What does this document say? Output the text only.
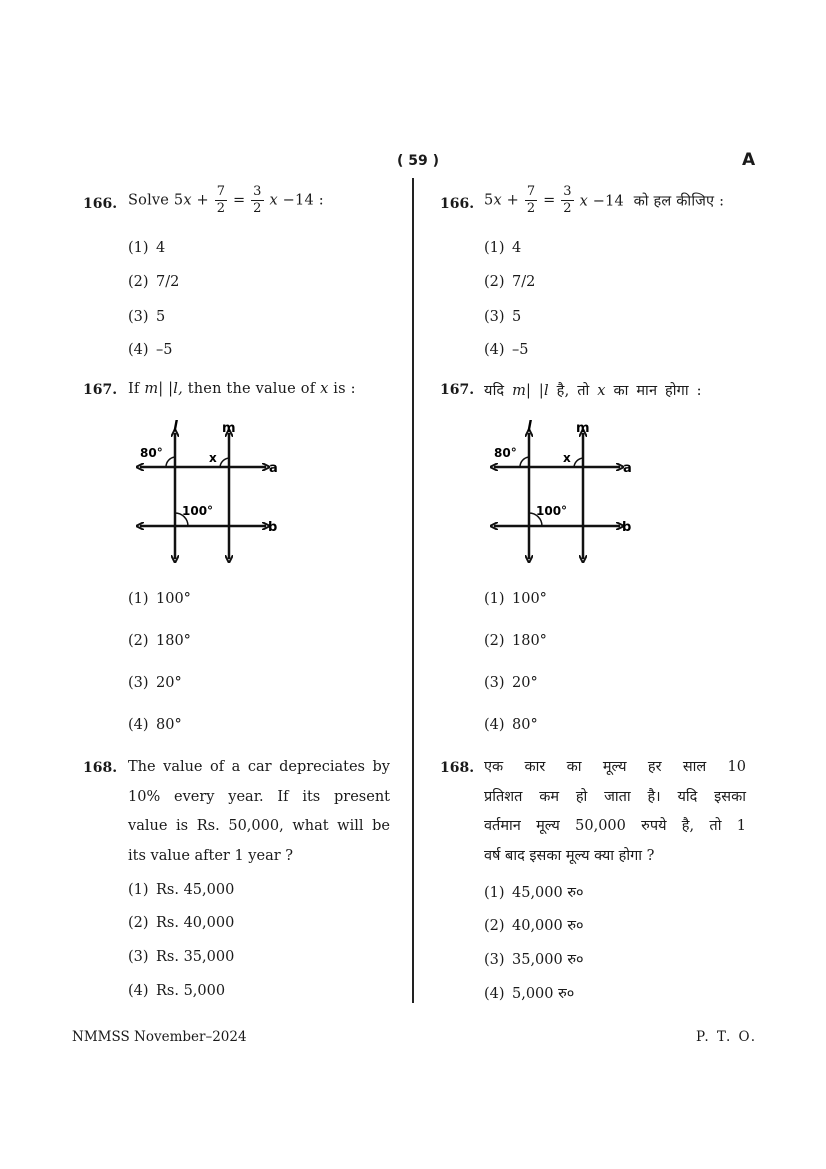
( 59 )	A
166. Solve $5x + \frac{7}{2} = \frac{3}{2}$ x −14 :
(1) 4
(2) 7/2
(3) 5
(4) –5
167. If m| |l, then the value of x is :
l	m
a
b
80°	x
100°
(1) 100°
(2) 180°
(3) 20°
(4) 80°
168. The value of a car depreciates by
10% every year. If its present
value is Rs. 50,000, what will be
its value after 1 year ?
(1) Rs. 45,000
(2) Rs. 40,000
(3) Rs. 35,000
(4) Rs. 5,000
166. $5x + \frac{7}{2} = \frac{3}{2}$ x −14 को हल कीजिए :
(1) 4
(2) 7/2
(3) 5
(4) –5
167. यदि m| |l है, तो x का मान होगा :
l	m
a
b
80°	x
100°
(1) 100°
(2) 180°
(3) 20°
(4) 80°
168. एक कार का मूल्य हर साल 10
प्रतिशत कम हो जाता है। यदि इसका
वर्तमान मूल्य 50,000 रुपये है, तो 1
वर्ष बाद इसका मूल्य क्या होगा ?
(1) 45,000 रु०
(2) 40,000 रु०
(3) 35,000 रु०
(4) 5,000 रु०
NMMSS November–2024	P. T. O.
